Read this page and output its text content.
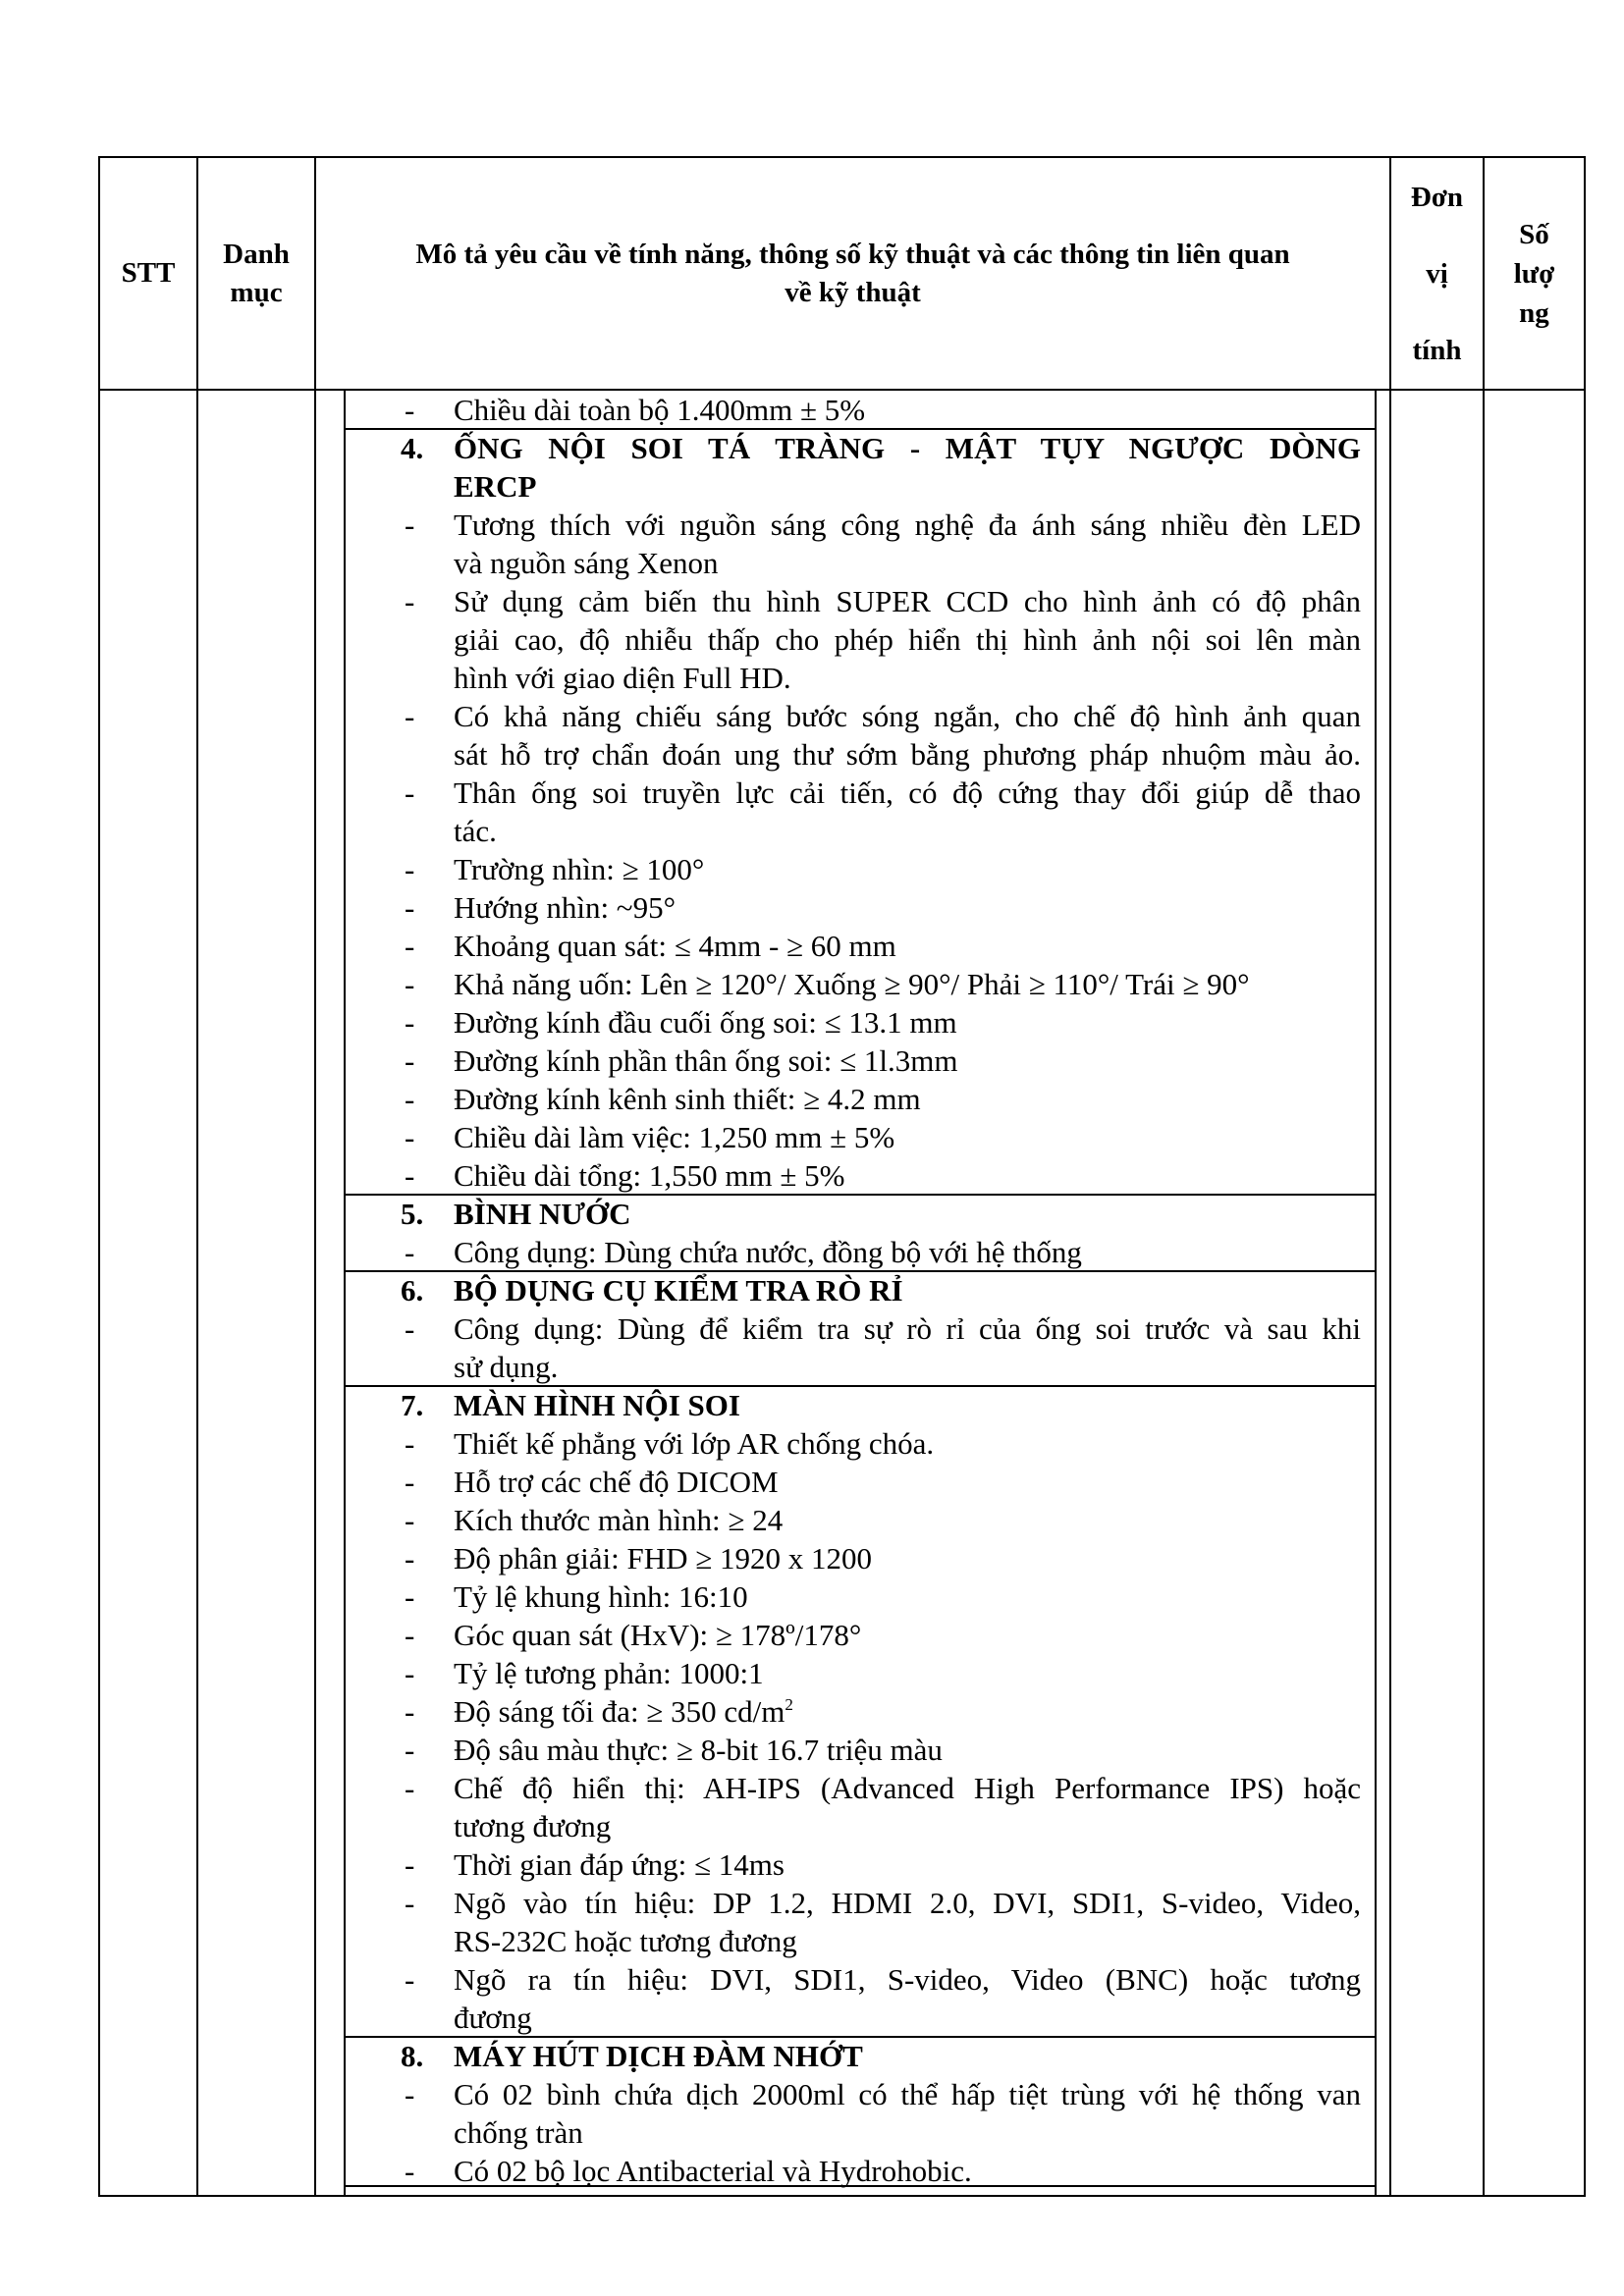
STT
Danh
mục
Mô tả yêu cầu về tính năng, thông số kỹ thuật và các thông tin liên quan
về kỹ thuật
Đơn
vị
tính
Số
lượ
ng
- Chiều dài toàn bộ 1.400mm ± 5%
4. ỐNG NỘI SOI TÁ TRÀNG - MẬT TỤY NGƯỢC DÒNG
ERCP
- Tương thích với nguồn sáng công nghệ đa ánh sáng nhiều đèn LED
và nguồn sáng Xenon
- Sử dụng cảm biến thu hình SUPER CCD cho hình ảnh có độ phân
giải cao, độ nhiễu thấp cho phép hiển thị hình ảnh nội soi lên màn
hình với giao diện Full HD.
- Có khả năng chiếu sáng bước sóng ngắn, cho chế độ hình ảnh quan
sát hỗ trợ chẩn đoán ung thư sớm bằng phương pháp nhuộm màu ảo.
- Thân ống soi truyền lực cải tiến, có độ cứng thay đổi giúp dễ thao
tác.
- Trường nhìn: ≥ 100°
- Hướng nhìn: ~95°
- Khoảng quan sát: ≤ 4mm - ≥ 60 mm
- Khả năng uốn: Lên ≥ 120°/ Xuống ≥ 90°/ Phải ≥ 110°/ Trái ≥ 90°
- Đường kính đầu cuối ống soi: ≤ 13.1 mm
- Đường kính phần thân ống soi: ≤ 1l.3mm
- Đường kính kênh sinh thiết: ≥ 4.2 mm
- Chiều dài làm việc: 1,250 mm ± 5%
- Chiều dài tổng: 1,550 mm ± 5%
5. BÌNH NƯỚC
- Công dụng: Dùng chứa nước, đồng bộ với hệ thống
6. BỘ DỤNG CỤ KIỂM TRA RÒ RỈ
- Công dụng: Dùng để kiểm tra sự rò rỉ của ống soi trước và sau khi
sử dụng.
7. MÀN HÌNH NỘI SOI
- Thiết kế phẳng với lớp AR chống chóa.
- Hỗ trợ các chế độ DICOM
- Kích thước màn hình: ≥ 24
- Độ phân giải: FHD ≥ 1920 x 1200
- Tỷ lệ khung hình: 16:10
- Góc quan sát (HxV): ≥ 178º/178°
- Tỷ lệ tương phản: 1000:1
- Độ sáng tối đa: ≥ 350 $cd/m^2$
- Độ sâu màu thực: ≥ 8-bit 16.7 triệu màu
- Chế độ hiển thị: AH-IPS (Advanced High Performance IPS) hoặc
tương đương
- Thời gian đáp ứng: ≤ 14ms
- Ngõ vào tín hiệu: DP 1.2, HDMI 2.0, DVI, SDI1, S-video, Video,
RS-232C hoặc tương đương
- Ngõ ra tín hiệu: DVI, SDI1, S-video, Video (BNC) hoặc tương
đương
8. MÁY HÚT DỊCH ĐÀM NHỚT
- Có 02 bình chứa dịch 2000ml có thể hấp tiệt trùng với hệ thống van
chống tràn
- Có 02 bộ lọc Antibacterial và Hydrohobic.
